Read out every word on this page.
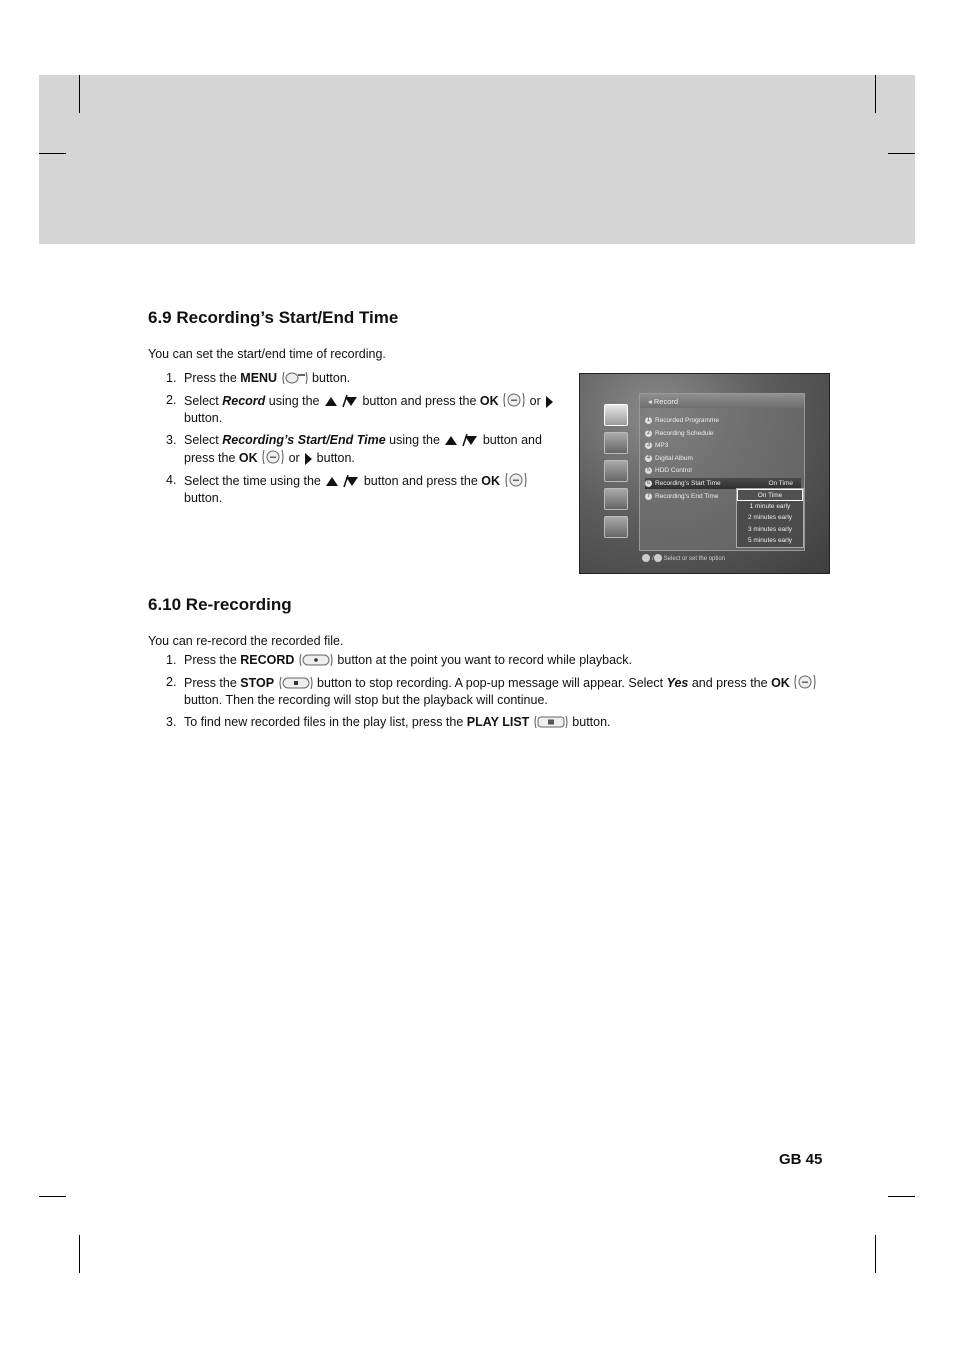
6.9 Recording’s Start/End Time
You can set the start/end time of recording.
1. Press the MENU	button.
2. Select Record using the	button and press the OK  or  button.
3. Select Recording’s Start/End Time using the	button and press the OK  or  button.
4. Select the time using the	button and press the OK
button.
◂ Record
1 Recorded Programme
2 Recording Schedule
3 MP3
4 Digital Album
5 HDD Control
6 Recording’s Start Time	On Time
7 Recording’s End Time	On Time
1 minute early
2 minutes early
3 minutes early
5 minutes early
/ Select or set the option
6.10 Re-recording
You can re-record the recorded file.
1. Press the RECORD	button at the point you want to record while playback.
2. Press the STOP	button to stop recording. A pop-up message will appear. Select Yes and press the OK  button. Then the recording will stop but the playback will continue.
3. To find new recorded files in the play list, press the PLAY LIST	button.
GB 45
